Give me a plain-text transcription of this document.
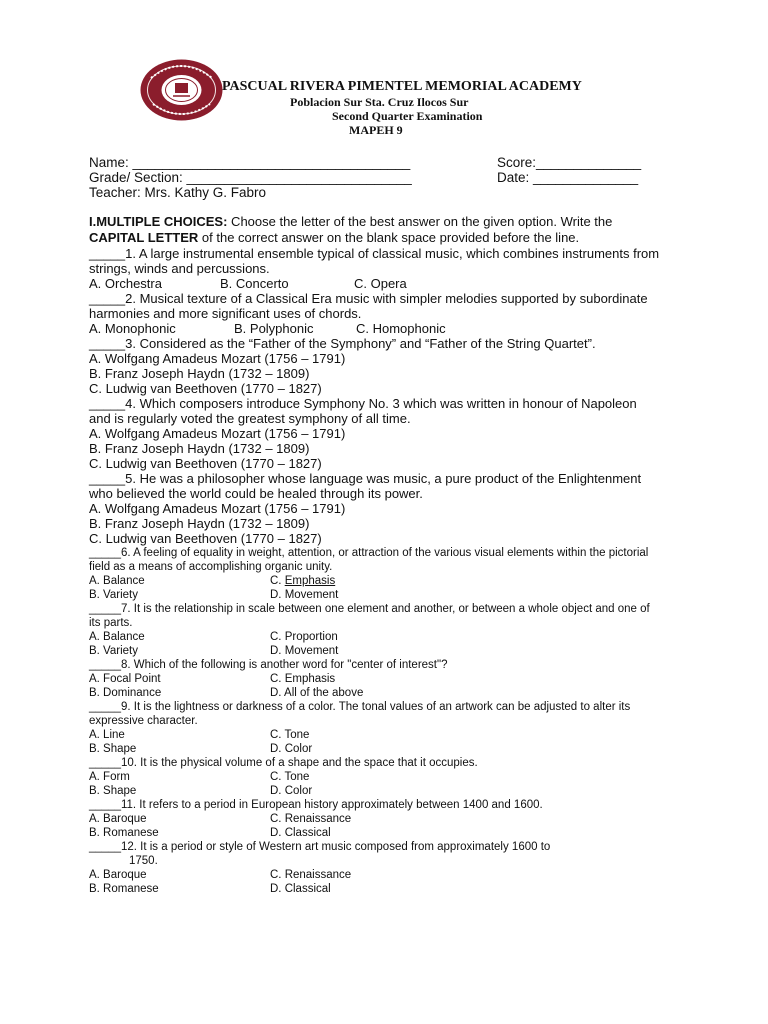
PASCUAL RIVERA PIMENTEL MEMORIAL ACADEMY
Poblacion Sur Sta. Cruz Ilocos Sur
Second Quarter Examination
MAPEH 9
Name: _____________________________________	Score:______________
Grade/ Section: ______________________________	Date: ______________
Teacher: Mrs. Kathy G. Fabro

I.MULTIPLE CHOICES: Choose the letter of the best answer on the given option. Write the CAPITAL LETTER of the correct answer on the blank space provided before the line.

_____1. A large instrumental ensemble typical of classical music, which combines instruments from strings, winds and percussions.
A. Orchestra	B. Concerto	C. Opera
_____2. Musical texture of a Classical Era music with simpler melodies supported by subordinate harmonies and more significant uses of chords.
A. Monophonic	B. Polyphonic	C. Homophonic
_____3. Considered as the “Father of the Symphony” and “Father of the String Quartet”.
A. Wolfgang Amadeus Mozart (1756 – 1791)
B. Franz Joseph Haydn (1732 – 1809)
C. Ludwig van Beethoven (1770 – 1827)
_____4. Which composers introduce Symphony No. 3 which was written in honour of Napoleon and is regularly voted the greatest symphony of all time.
A. Wolfgang Amadeus Mozart (1756 – 1791)
B. Franz Joseph Haydn (1732 – 1809)
C. Ludwig van Beethoven (1770 – 1827)
_____5. He was a philosopher whose language was music, a pure product of the Enlightenment who believed the world could be healed through its power.
A. Wolfgang Amadeus Mozart (1756 – 1791)
B. Franz Joseph Haydn (1732 – 1809)
C. Ludwig van Beethoven (1770 – 1827)
_____6. A feeling of equality in weight, attention, or attraction of the various visual elements within the pictorial field as a means of accomplishing organic unity.
A. Balance	C. Emphasis
B. Variety	D. Movement
_____7. It is the relationship in scale between one element and another, or between a whole object and one of its parts.
A. Balance	C. Proportion
B. Variety	D. Movement
_____8. Which of the following is another word for "center of interest"?
A. Focal Point	C. Emphasis
B. Dominance	D. All of the above
_____9. It is the lightness or darkness of a color. The tonal values of an artwork can be adjusted to alter its expressive character.
A. Line	C. Tone
B. Shape	D. Color
_____10. It is the physical volume of a shape and the space that it occupies.
A. Form	C. Tone
B. Shape	D. Color
_____11. It refers to a period in European history approximately between 1400 and 1600.
A. Baroque	C. Renaissance
B. Romanese	D. Classical
_____12. It is a period or style of Western art music composed from approximately 1600 to
1750.
A. Baroque	C. Renaissance
B. Romanese	D. Classical
